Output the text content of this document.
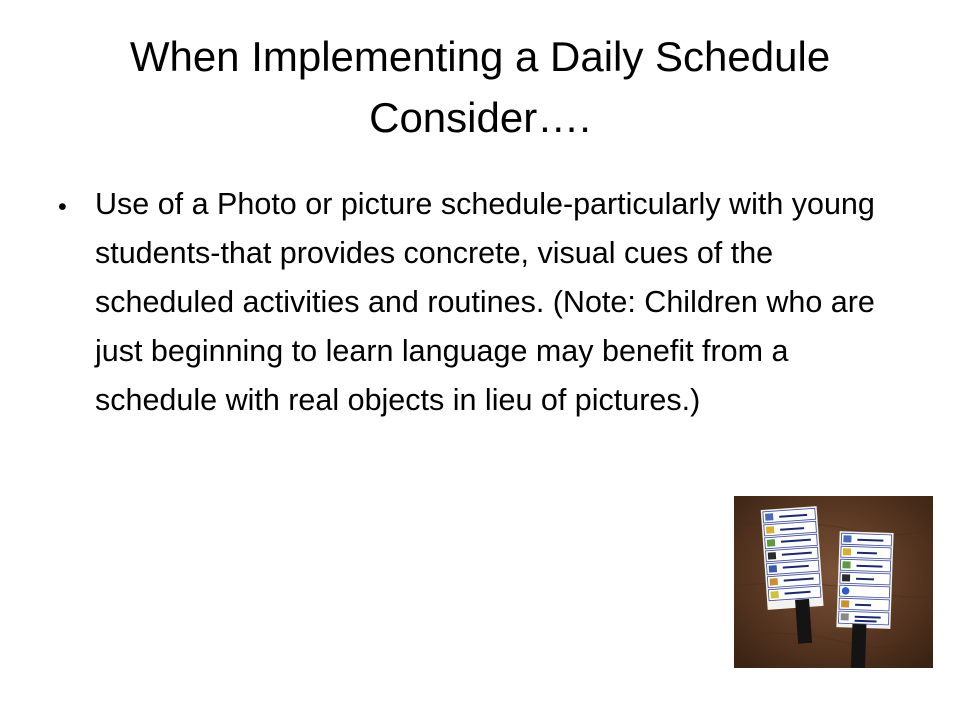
When Implementing a Daily Schedule Consider….
• Use of a Photo or picture schedule-particularly with young students-that provides concrete, visual cues of the scheduled activities and routines. (Note: Children who are just beginning to learn language may benefit from a schedule with real objects in lieu of pictures.)
